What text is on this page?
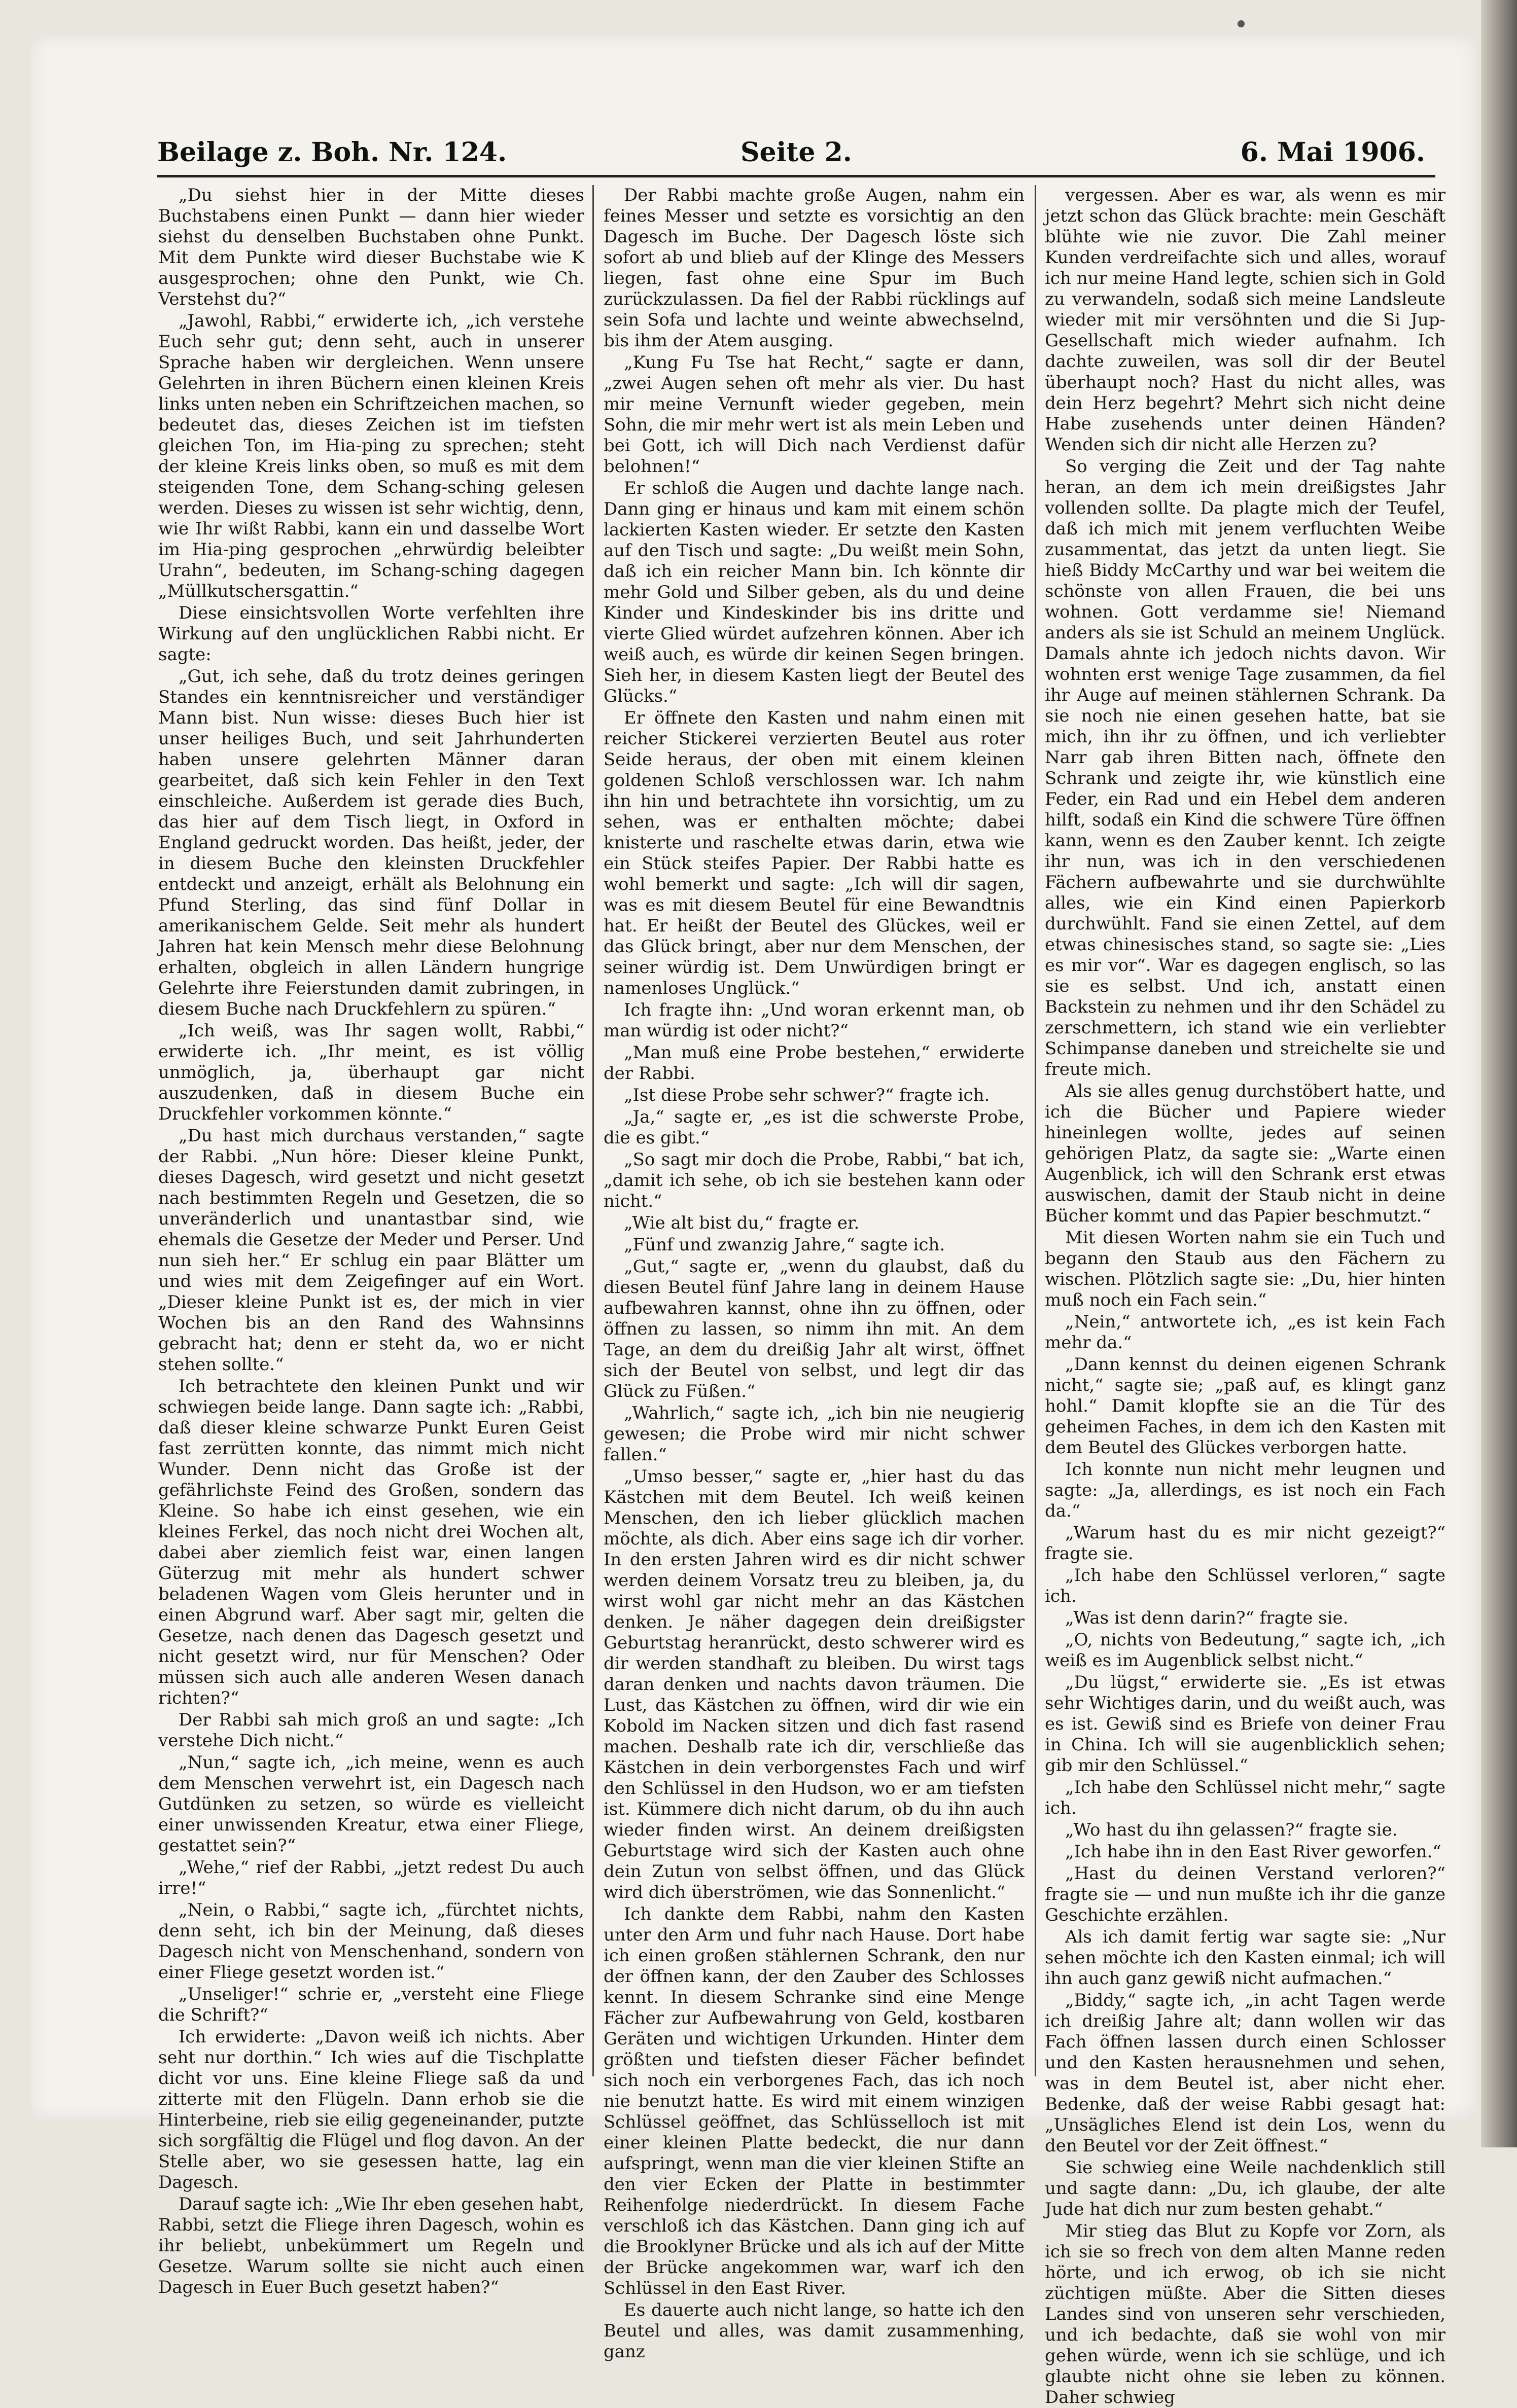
Beilage z. Boh. Nr. 124.	Seite 2.	6. Mai 1906.

„Du siehst hier in der Mitte dieses Buchstabens einen Punkt — dann hier wieder siehst du denselben Buchstaben ohne Punkt. Mit dem Punkte wird dieser Buchstabe wie K ausgesprochen; ohne den Punkt, wie Ch. Verstehst du?“

„Jawohl, Rabbi,“ erwiderte ich, „ich verstehe Euch sehr gut; denn seht, auch in unserer Sprache haben wir dergleichen. Wenn unsere Gelehrten in ihren Büchern einen kleinen Kreis links unten neben ein Schriftzeichen machen, so bedeutet das, dieses Zeichen ist im tiefsten gleichen Ton, im Hia-ping zu sprechen; steht der kleine Kreis links oben, so muß es mit dem steigenden Tone, dem Schang-sching gelesen werden. Dieses zu wissen ist sehr wichtig, denn, wie Ihr wißt Rabbi, kann ein und dasselbe Wort im Hia-ping gesprochen „ehrwürdig beleibter Urahn“, bedeuten, im Schang-sching dagegen „Müllkutschersgattin.“

Diese einsichtsvollen Worte verfehlten ihre Wirkung auf den unglücklichen Rabbi nicht. Er sagte:

„Gut, ich sehe, daß du trotz deines geringen Standes ein kenntnisreicher und verständiger Mann bist. Nun wisse: dieses Buch hier ist unser heiliges Buch, und seit Jahrhunderten haben unsere gelehrten Männer daran gearbeitet, daß sich kein Fehler in den Text einschleiche. Außerdem ist gerade dies Buch, das hier auf dem Tisch liegt, in Oxford in England gedruckt worden. Das heißt, jeder, der in diesem Buche den kleinsten Druckfehler entdeckt und anzeigt, erhält als Belohnung ein Pfund Sterling, das sind fünf Dollar in amerikanischem Gelde. Seit mehr als hundert Jahren hat kein Mensch mehr diese Belohnung erhalten, obgleich in allen Ländern hungrige Gelehrte ihre Feierstunden damit zubringen, in diesem Buche nach Druckfehlern zu spüren.“

„Ich weiß, was Ihr sagen wollt, Rabbi,“ erwiderte ich. „Ihr meint, es ist völlig unmöglich, ja, überhaupt gar nicht auszudenken, daß in diesem Buche ein Druckfehler vorkommen könnte.“

„Du hast mich durchaus verstanden,“ sagte der Rabbi. „Nun höre: Dieser kleine Punkt, dieses Dagesch, wird gesetzt und nicht gesetzt nach bestimmten Regeln und Gesetzen, die so unveränderlich und unantastbar sind, wie ehemals die Gesetze der Meder und Perser. Und nun sieh her.“ Er schlug ein paar Blätter um und wies mit dem Zeigefinger auf ein Wort. „Dieser kleine Punkt ist es, der mich in vier Wochen bis an den Rand des Wahnsinns gebracht hat; denn er steht da, wo er nicht stehen sollte.“

Ich betrachtete den kleinen Punkt und wir schwiegen beide lange. Dann sagte ich: „Rabbi, daß dieser kleine schwarze Punkt Euren Geist fast zerrütten konnte, das nimmt mich nicht Wunder. Denn nicht das Große ist der gefährlichste Feind des Großen, sondern das Kleine. So habe ich einst gesehen, wie ein kleines Ferkel, das noch nicht drei Wochen alt, dabei aber ziemlich feist war, einen langen Güterzug mit mehr als hundert schwer beladenen Wagen vom Gleis herunter und in einen Abgrund warf. Aber sagt mir, gelten die Gesetze, nach denen das Dagesch gesetzt und nicht gesetzt wird, nur für Menschen? Oder müssen sich auch alle anderen Wesen danach richten?“

Der Rabbi sah mich groß an und sagte: „Ich verstehe Dich nicht.“

„Nun,“ sagte ich, „ich meine, wenn es auch dem Menschen verwehrt ist, ein Dagesch nach Gutdünken zu setzen, so würde es vielleicht einer unwissenden Kreatur, etwa einer Fliege, gestattet sein?“

„Wehe,“ rief der Rabbi, „jetzt redest Du auch irre!“

„Nein, o Rabbi,“ sagte ich, „fürchtet nichts, denn seht, ich bin der Meinung, daß dieses Dagesch nicht von Menschenhand, sondern von einer Fliege gesetzt worden ist.“

„Unseliger!“ schrie er, „versteht eine Fliege die Schrift?“

Ich erwiderte: „Davon weiß ich nichts. Aber seht nur dorthin.“ Ich wies auf die Tischplatte dicht vor uns. Eine kleine Fliege saß da und zitterte mit den Flügeln. Dann erhob sie die Hinterbeine, rieb sie eilig gegeneinander, putzte sich sorgfältig die Flügel und flog davon. An der Stelle aber, wo sie gesessen hatte, lag ein Dagesch.

Darauf sagte ich: „Wie Ihr eben gesehen habt, Rabbi, setzt die Fliege ihren Dagesch, wohin es ihr beliebt, unbekümmert um Regeln und Gesetze. Warum sollte sie nicht auch einen Dagesch in Euer Buch gesetzt haben?“

Der Rabbi machte große Augen, nahm ein feines Messer und setzte es vorsichtig an den Dagesch im Buche. Der Dagesch löste sich sofort ab und blieb auf der Klinge des Messers liegen, fast ohne eine Spur im Buch zurückzulassen. Da fiel der Rabbi rücklings auf sein Sofa und lachte und weinte abwechselnd, bis ihm der Atem ausging.

„Kung Fu Tse hat Recht,“ sagte er dann, „zwei Augen sehen oft mehr als vier. Du hast mir meine Vernunft wieder gegeben, mein Sohn, die mir mehr wert ist als mein Leben und bei Gott, ich will Dich nach Verdienst dafür belohnen!“

Er schloß die Augen und dachte lange nach. Dann ging er hinaus und kam mit einem schön lackierten Kasten wieder. Er setzte den Kasten auf den Tisch und sagte: „Du weißt mein Sohn, daß ich ein reicher Mann bin. Ich könnte dir mehr Gold und Silber geben, als du und deine Kinder und Kindeskinder bis ins dritte und vierte Glied würdet aufzehren können. Aber ich weiß auch, es würde dir keinen Segen bringen. Sieh her, in diesem Kasten liegt der Beutel des Glücks.“

Er öffnete den Kasten und nahm einen mit reicher Stickerei verzierten Beutel aus roter Seide heraus, der oben mit einem kleinen goldenen Schloß verschlossen war. Ich nahm ihn hin und betrachtete ihn vorsichtig, um zu sehen, was er enthalten möchte; dabei knisterte und raschelte etwas darin, etwa wie ein Stück steifes Papier. Der Rabbi hatte es wohl bemerkt und sagte: „Ich will dir sagen, was es mit diesem Beutel für eine Bewandtnis hat. Er heißt der Beutel des Glückes, weil er das Glück bringt, aber nur dem Menschen, der seiner würdig ist. Dem Unwürdigen bringt er namenloses Unglück.“

Ich fragte ihn: „Und woran erkennt man, ob man würdig ist oder nicht?“

„Man muß eine Probe bestehen,“ erwiderte der Rabbi.

„Ist diese Probe sehr schwer?“ fragte ich.

„Ja,“ sagte er, „es ist die schwerste Probe, die es gibt.“

„So sagt mir doch die Probe, Rabbi,“ bat ich, „damit ich sehe, ob ich sie bestehen kann oder nicht.“

„Wie alt bist du,“ fragte er.

„Fünf und zwanzig Jahre,“ sagte ich.

„Gut,“ sagte er, „wenn du glaubst, daß du diesen Beutel fünf Jahre lang in deinem Hause aufbewahren kannst, ohne ihn zu öffnen, oder öffnen zu lassen, so nimm ihn mit. An dem Tage, an dem du dreißig Jahr alt wirst, öffnet sich der Beutel von selbst, und legt dir das Glück zu Füßen.“

„Wahrlich,“ sagte ich, „ich bin nie neugierig gewesen; die Probe wird mir nicht schwer fallen.“

„Umso besser,“ sagte er, „hier hast du das Kästchen mit dem Beutel. Ich weiß keinen Menschen, den ich lieber glücklich machen möchte, als dich. Aber eins sage ich dir vorher. In den ersten Jahren wird es dir nicht schwer werden deinem Vorsatz treu zu bleiben, ja, du wirst wohl gar nicht mehr an das Kästchen denken. Je näher dagegen dein dreißigster Geburtstag heranrückt, desto schwerer wird es dir werden standhaft zu bleiben. Du wirst tags daran denken und nachts davon träumen. Die Lust, das Kästchen zu öffnen, wird dir wie ein Kobold im Nacken sitzen und dich fast rasend machen. Deshalb rate ich dir, verschließe das Kästchen in dein verborgenstes Fach und wirf den Schlüssel in den Hudson, wo er am tiefsten ist. Kümmere dich nicht darum, ob du ihn auch wieder finden wirst. An deinem dreißigsten Geburtstage wird sich der Kasten auch ohne dein Zutun von selbst öffnen, und das Glück wird dich überströmen, wie das Sonnenlicht.“

Ich dankte dem Rabbi, nahm den Kasten unter den Arm und fuhr nach Hause. Dort habe ich einen großen stählernen Schrank, den nur der öffnen kann, der den Zauber des Schlosses kennt. In diesem Schranke sind eine Menge Fächer zur Aufbewahrung von Geld, kostbaren Geräten und wichtigen Urkunden. Hinter dem größten und tiefsten dieser Fächer befindet sich noch ein verborgenes Fach, das ich noch nie benutzt hatte. Es wird mit einem winzigen Schlüssel geöffnet, das Schlüsselloch ist mit einer kleinen Platte bedeckt, die nur dann aufspringt, wenn man die vier kleinen Stifte an den vier Ecken der Platte in bestimmter Reihenfolge niederdrückt. In diesem Fache verschloß ich das Kästchen. Dann ging ich auf die Brooklyner Brücke und als ich auf der Mitte der Brücke angekommen war, warf ich den Schlüssel in den East River.

Es dauerte auch nicht lange, so hatte ich den Beutel und alles, was damit zusammenhing, ganz

vergessen. Aber es war, als wenn es mir jetzt schon das Glück brachte: mein Geschäft blühte wie nie zuvor. Die Zahl meiner Kunden verdreifachte sich und alles, worauf ich nur meine Hand legte, schien sich in Gold zu verwandeln, sodaß sich meine Landsleute wieder mit mir versöhnten und die Si Jup-Gesellschaft mich wieder aufnahm. Ich dachte zuweilen, was soll dir der Beutel überhaupt noch? Hast du nicht alles, was dein Herz begehrt? Mehrt sich nicht deine Habe zusehends unter deinen Händen? Wenden sich dir nicht alle Herzen zu?

So verging die Zeit und der Tag nahte heran, an dem ich mein dreißigstes Jahr vollenden sollte. Da plagte mich der Teufel, daß ich mich mit jenem verfluchten Weibe zusammentat, das jetzt da unten liegt. Sie hieß Biddy McCarthy und war bei weitem die schönste von allen Frauen, die bei uns wohnen. Gott verdamme sie! Niemand anders als sie ist Schuld an meinem Unglück. Damals ahnte ich jedoch nichts davon. Wir wohnten erst wenige Tage zusammen, da fiel ihr Auge auf meinen stählernen Schrank. Da sie noch nie einen gesehen hatte, bat sie mich, ihn ihr zu öffnen, und ich verliebter Narr gab ihren Bitten nach, öffnete den Schrank und zeigte ihr, wie künstlich eine Feder, ein Rad und ein Hebel dem anderen hilft, sodaß ein Kind die schwere Türe öffnen kann, wenn es den Zauber kennt. Ich zeigte ihr nun, was ich in den verschiedenen Fächern aufbewahrte und sie durchwühlte alles, wie ein Kind einen Papierkorb durchwühlt. Fand sie einen Zettel, auf dem etwas chinesisches stand, so sagte sie: „Lies es mir vor“. War es dagegen englisch, so las sie es selbst. Und ich, anstatt einen Backstein zu nehmen und ihr den Schädel zu zerschmettern, ich stand wie ein verliebter Schimpanse daneben und streichelte sie und freute mich.

Als sie alles genug durchstöbert hatte, und ich die Bücher und Papiere wieder hineinlegen wollte, jedes auf seinen gehörigen Platz, da sagte sie: „Warte einen Augenblick, ich will den Schrank erst etwas auswischen, damit der Staub nicht in deine Bücher kommt und das Papier beschmutzt.“

Mit diesen Worten nahm sie ein Tuch und begann den Staub aus den Fächern zu wischen. Plötzlich sagte sie: „Du, hier hinten muß noch ein Fach sein.“

„Nein,“ antwortete ich, „es ist kein Fach mehr da.“

„Dann kennst du deinen eigenen Schrank nicht,“ sagte sie; „paß auf, es klingt ganz hohl.“ Damit klopfte sie an die Tür des geheimen Faches, in dem ich den Kasten mit dem Beutel des Glückes verborgen hatte.

Ich konnte nun nicht mehr leugnen und sagte: „Ja, allerdings, es ist noch ein Fach da.“

„Warum hast du es mir nicht gezeigt?“ fragte sie.

„Ich habe den Schlüssel verloren,“ sagte ich.

„Was ist denn darin?“ fragte sie.

„O, nichts von Bedeutung,“ sagte ich, „ich weiß es im Augenblick selbst nicht.“

„Du lügst,“ erwiderte sie. „Es ist etwas sehr Wichtiges darin, und du weißt auch, was es ist. Gewiß sind es Briefe von deiner Frau in China. Ich will sie augenblicklich sehen; gib mir den Schlüssel.“

„Ich habe den Schlüssel nicht mehr,“ sagte ich.

„Wo hast du ihn gelassen?“ fragte sie.

„Ich habe ihn in den East River geworfen.“

„Hast du deinen Verstand verloren?“ fragte sie — und nun mußte ich ihr die ganze Geschichte erzählen.

Als ich damit fertig war sagte sie: „Nur sehen möchte ich den Kasten einmal; ich will ihn auch ganz gewiß nicht aufmachen.“

„Biddy,“ sagte ich, „in acht Tagen werde ich dreißig Jahre alt; dann wollen wir das Fach öffnen lassen durch einen Schlosser und den Kasten herausnehmen und sehen, was in dem Beutel ist, aber nicht eher. Bedenke, daß der weise Rabbi gesagt hat: „Unsägliches Elend ist dein Los, wenn du den Beutel vor der Zeit öffnest.“

Sie schwieg eine Weile nachdenklich still und sagte dann: „Du, ich glaube, der alte Jude hat dich nur zum besten gehabt.“

Mir stieg das Blut zu Kopfe vor Zorn, als ich sie so frech von dem alten Manne reden hörte, und ich erwog, ob ich sie nicht züchtigen müßte. Aber die Sitten dieses Landes sind von unseren sehr verschieden, und ich bedachte, daß sie wohl von mir gehen würde, wenn ich sie schlüge, und ich glaubte nicht ohne sie leben zu können. Daher schwieg
